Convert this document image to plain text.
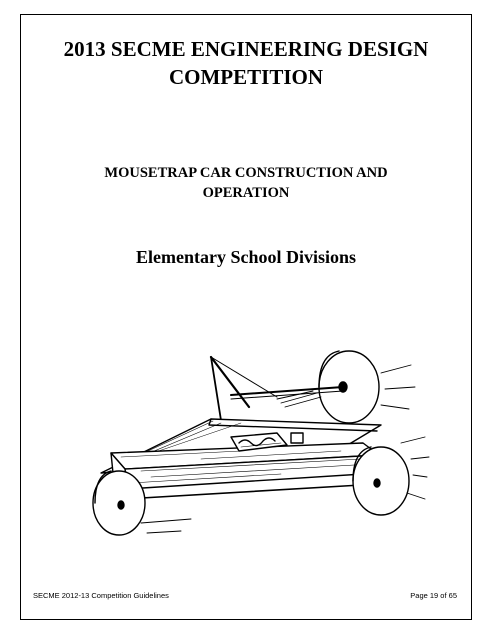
2013 SECME ENGINEERING DESIGN
COMPETITION
MOUSETRAP CAR CONSTRUCTION AND
OPERATION
Elementary School Divisions
SECME 2012-13 Competition Guidelines	Page 19 of 65
